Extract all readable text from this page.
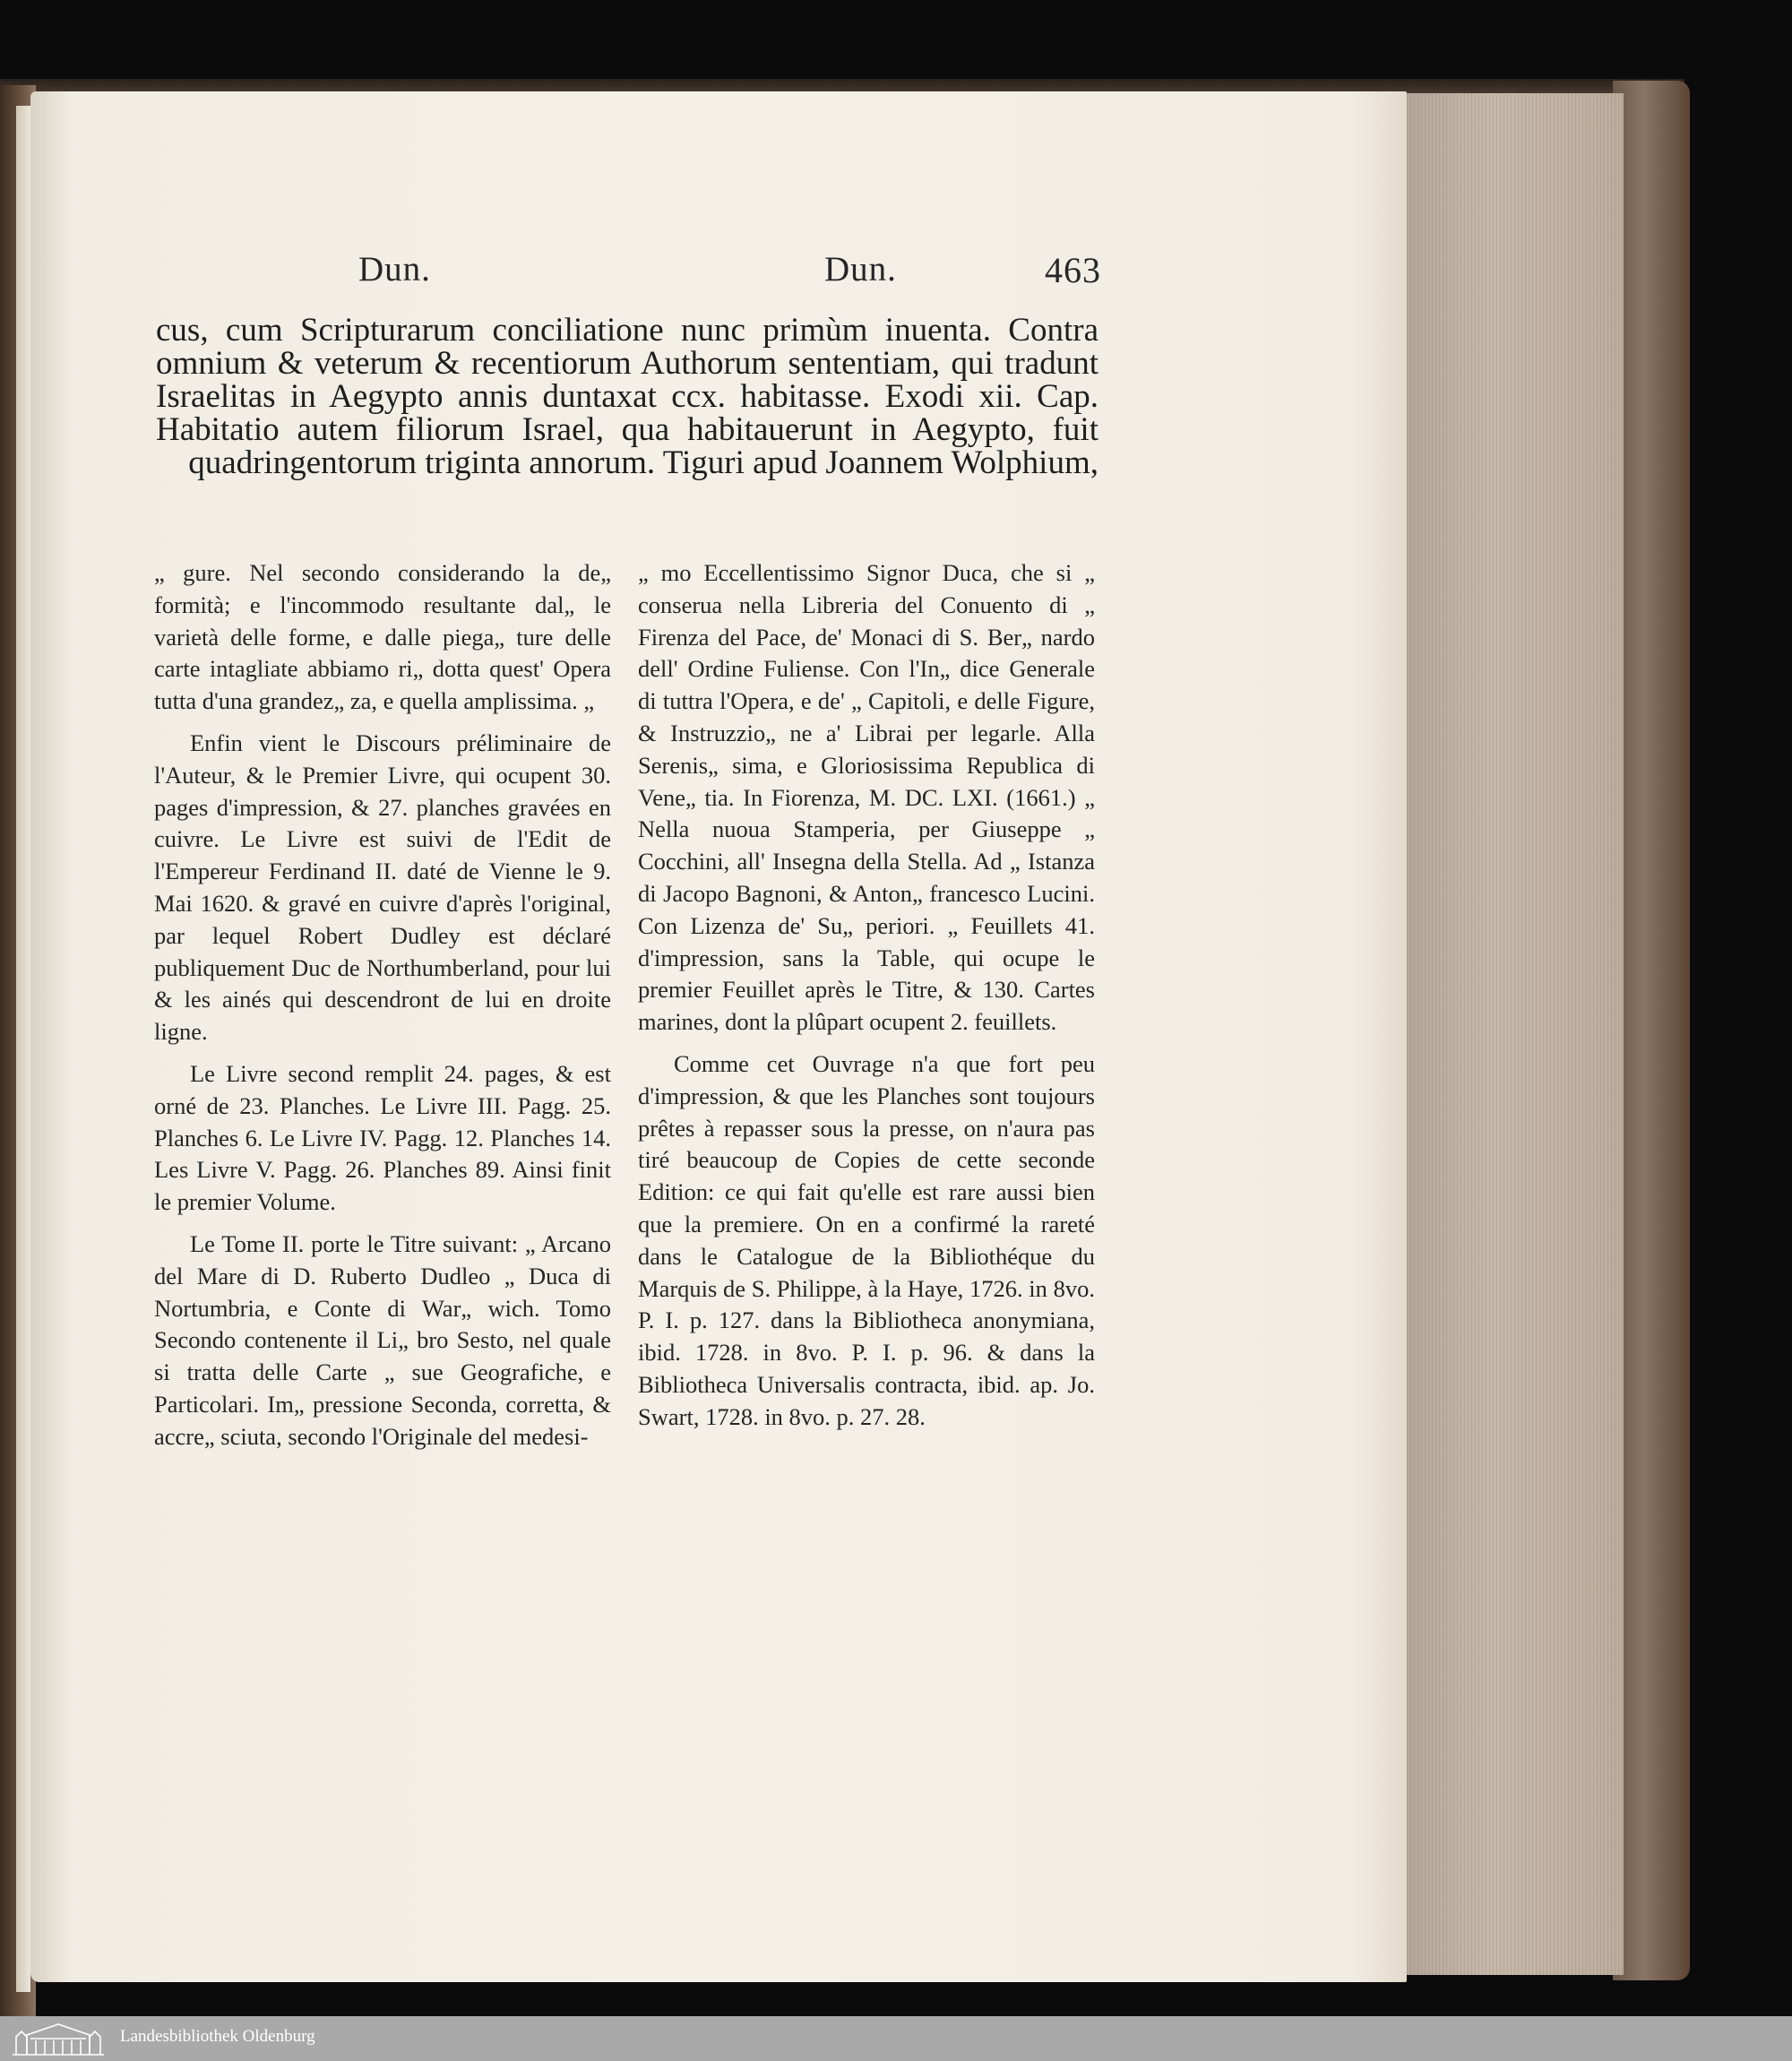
Dun.	Dun.	463
cus, cum Scripturarum conciliatione nunc primùm inuenta. Contra omnium & veterum & recentiorum Authorum sententiam, qui tradunt Israelitas in Aegypto annis duntaxat ccx. habitasse. Exodi xii. Cap. Habitatio autem filiorum Israel, qua habitauerunt in Aegypto, fuit quadringentorum triginta annorum. Tiguri apud Joannem Wolphium,

„ gure. Nel secondo considerando la de„ formità; e l'incommodo resultante dal„ le varietà delle forme, e dalle piega„ ture delle carte intagliate abbiamo ri„ dotta quest' Opera tutta d'una grandez„ za, e quella amplissima. „

Enfin vient le Discours préliminaire de l'Auteur, & le Premier Livre, qui ocupent 30. pages d'impression, & 27. planches gravées en cuivre. Le Livre est suivi de l'Edit de l'Empereur Ferdinand II. daté de Vienne le 9. Mai 1620. & gravé en cuivre d'après l'original, par lequel Robert Dudley est déclaré publiquement Duc de Northumberland, pour lui & les ainés qui descendront de lui en droite ligne.

Le Livre second remplit 24. pages, & est orné de 23. Planches. Le Livre III. Pagg. 25. Planches 6. Le Livre IV. Pagg. 12. Planches 14. Les Livre V. Pagg. 26. Planches 89. Ainsi finit le premier Volume.

Le Tome II. porte le Titre suivant: „ Arcano del Mare di D. Ruberto Dudleo „ Duca di Nortumbria, e Conte di War„ wich. Tomo Secondo contenente il Li„ bro Sesto, nel quale si tratta delle Carte „ sue Geografiche, e Particolari. Im„ pressione Seconda, corretta, & accre„ sciuta, secondo l'Originale del medesi-

„ mo Eccellentissimo Signor Duca, che si „ conserua nella Libreria del Conuento di „ Firenza del Pace, de' Monaci di S. Ber„ nardo dell' Ordine Fuliense. Con l'In„ dice Generale di tuttra l'Opera, e de' „ Capitoli, e delle Figure, & Instruzzio„ ne a' Librai per legarle. Alla Serenis„ sima, e Gloriosissima Republica di Vene„ tia. In Fiorenza, M. DC. LXI. (1661.) „ Nella nuoua Stamperia, per Giuseppe „ Cocchini, all' Insegna della Stella. Ad „ Istanza di Jacopo Bagnoni, & Anton„ francesco Lucini. Con Lizenza de' Su„ periori. „ Feuillets 41. d'impression, sans la Table, qui ocupe le premier Feuillet après le Titre, & 130. Cartes marines, dont la plûpart ocupent 2. feuillets.

Comme cet Ouvrage n'a que fort peu d'impression, & que les Planches sont toujours prêtes à repasser sous la presse, on n'aura pas tiré beaucoup de Copies de cette seconde Edition: ce qui fait qu'elle est rare aussi bien que la premiere. On en a confirmé la rareté dans le Catalogue de la Bibliothéque du Marquis de S. Philippe, à la Haye, 1726. in 8vo. P. I. p. 127. dans la Bibliotheca anonymiana, ibid. 1728. in 8vo. P. I. p. 96. & dans la Bibliotheca Universalis contracta, ibid. ap. Jo. Swart, 1728. in 8vo. p. 27. 28.

Landesbibliothek Oldenburg
